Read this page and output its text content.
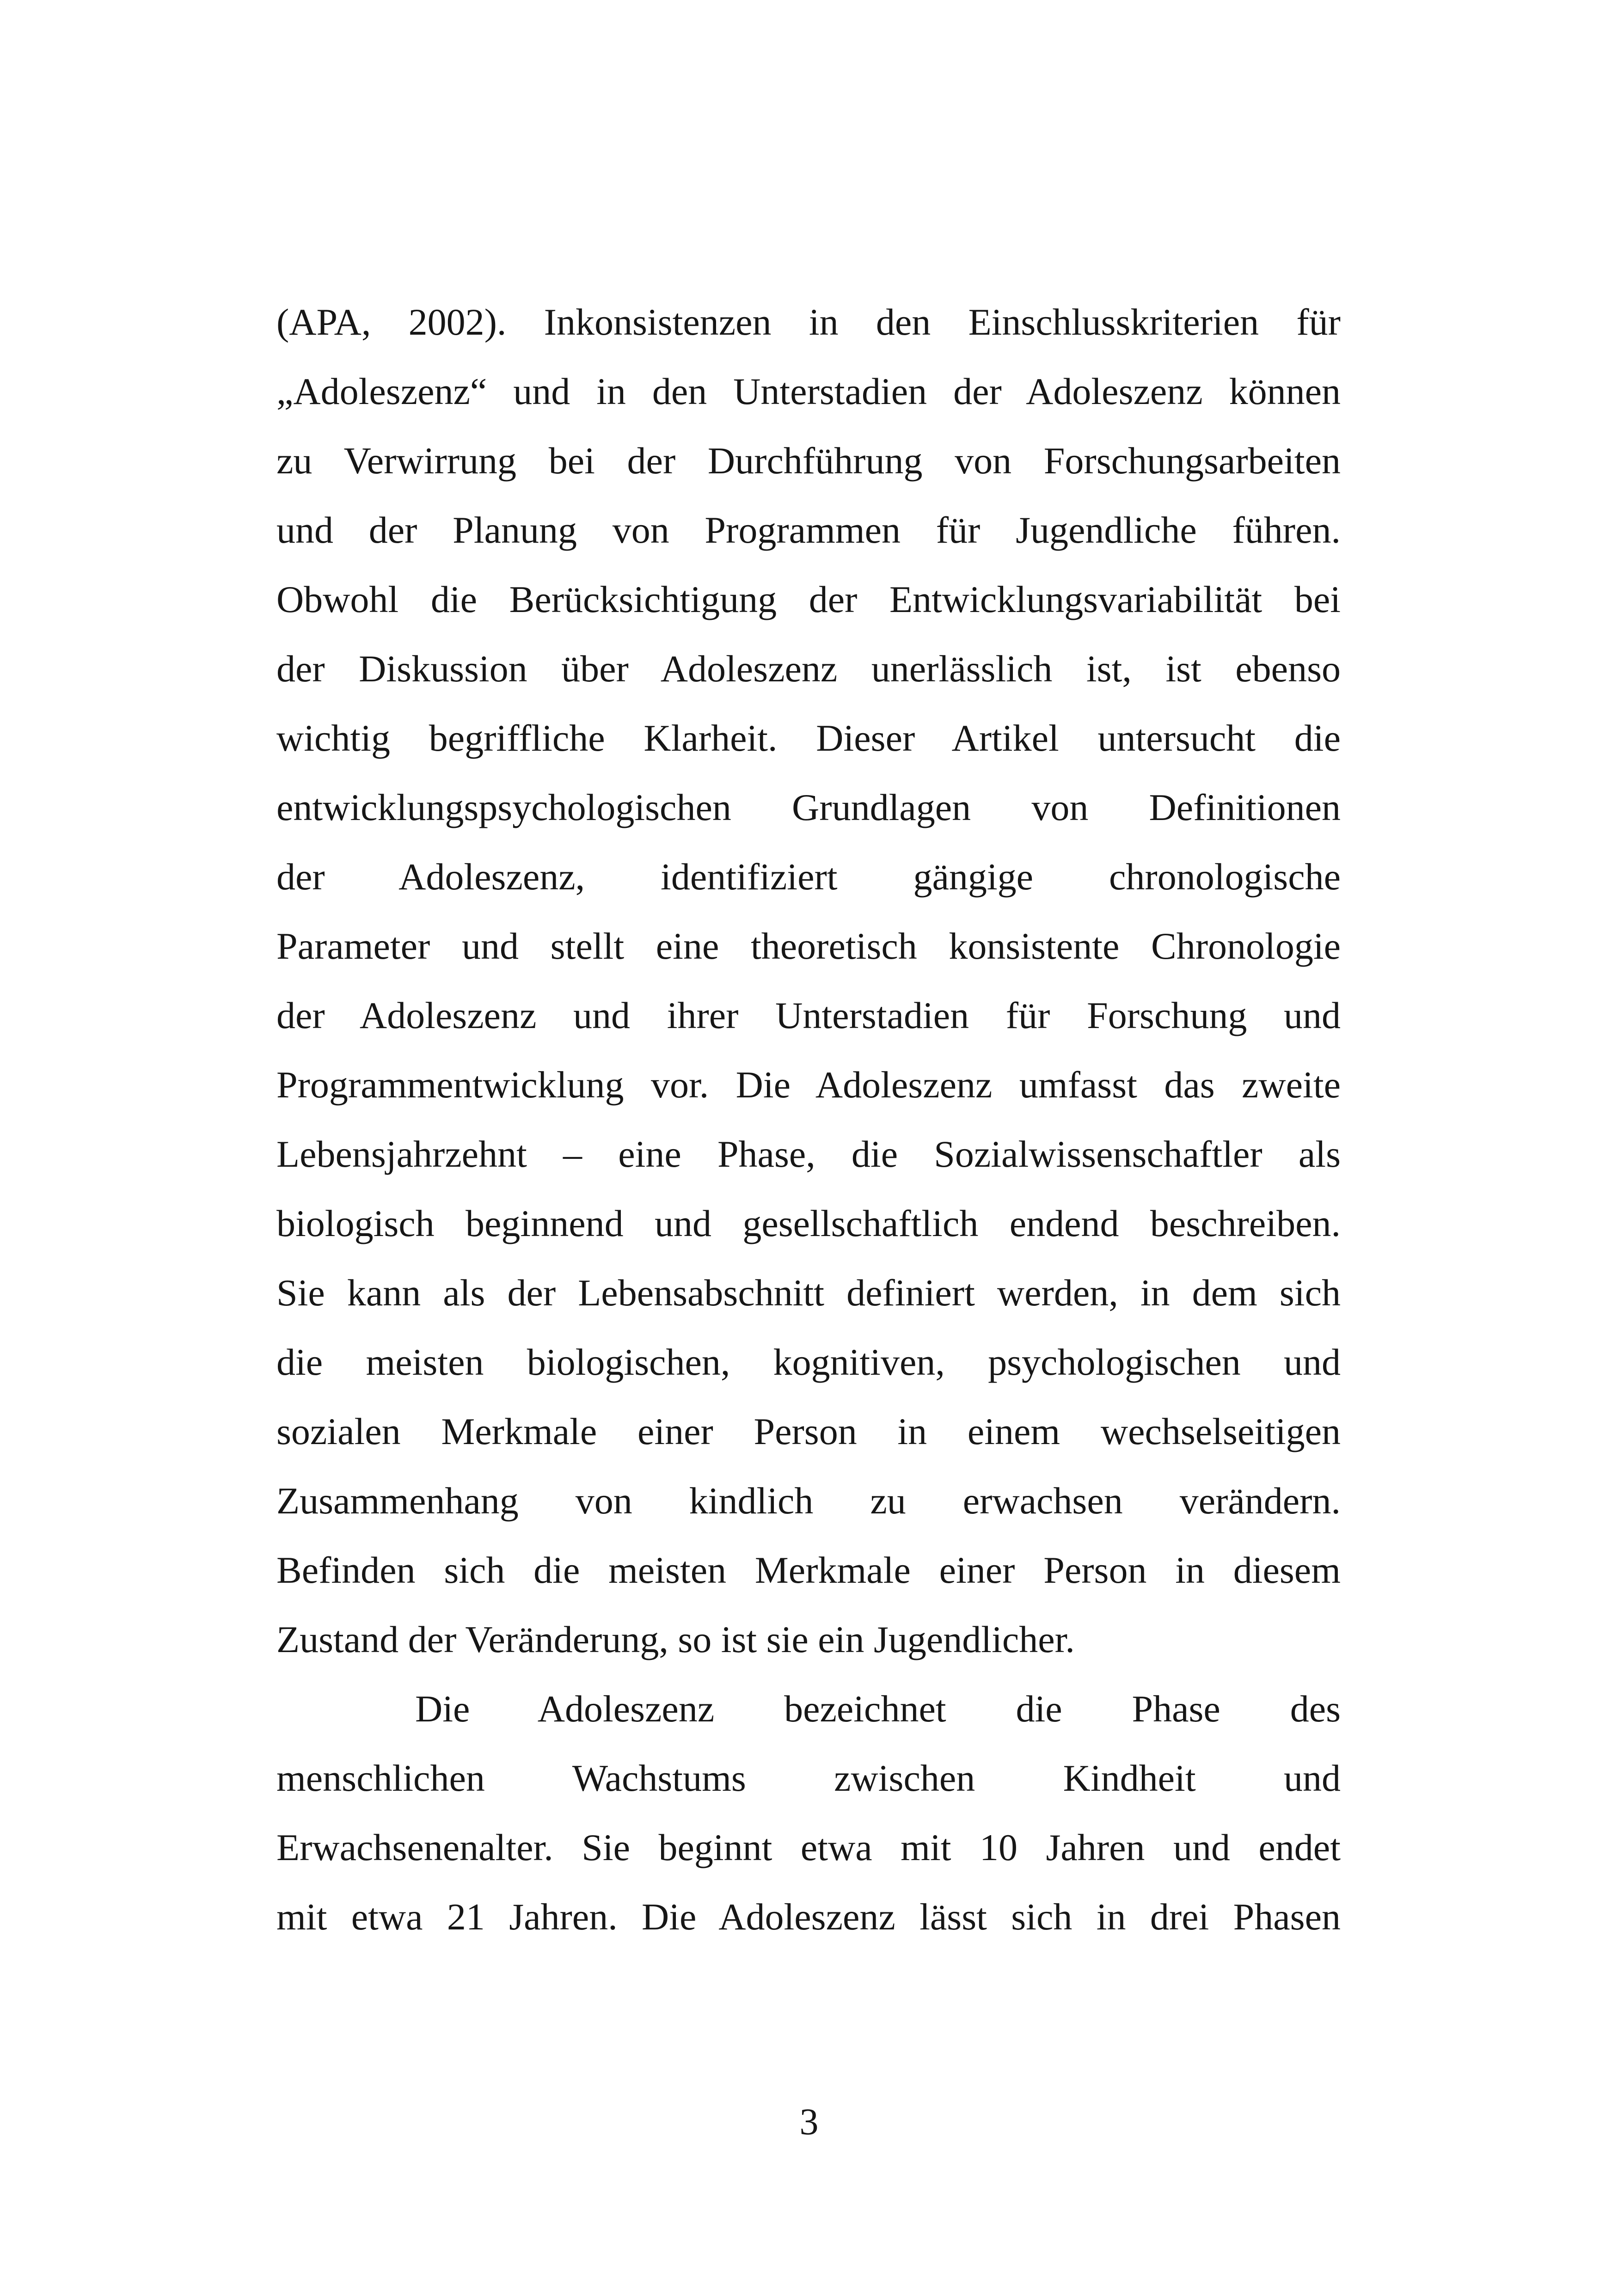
(APA, 2002). Inkonsistenzen in den Einschlusskriterien für
„Adoleszenz“ und in den Unterstadien der Adoleszenz können
zu Verwirrung bei der Durchführung von Forschungsarbeiten
und der Planung von Programmen für Jugendliche führen.
Obwohl die Berücksichtigung der Entwicklungsvariabilität bei
der Diskussion über Adoleszenz unerlässlich ist, ist ebenso
wichtig begriffliche Klarheit. Dieser Artikel untersucht die
entwicklungspsychologischen Grundlagen von Definitionen
der Adoleszenz, identifiziert gängige chronologische
Parameter und stellt eine theoretisch konsistente Chronologie
der Adoleszenz und ihrer Unterstadien für Forschung und
Programmentwicklung vor. Die Adoleszenz umfasst das zweite
Lebensjahrzehnt – eine Phase, die Sozialwissenschaftler als
biologisch beginnend und gesellschaftlich endend beschreiben.
Sie kann als der Lebensabschnitt definiert werden, in dem sich
die meisten biologischen, kognitiven, psychologischen und
sozialen Merkmale einer Person in einem wechselseitigen
Zusammenhang von kindlich zu erwachsen verändern.
Befinden sich die meisten Merkmale einer Person in diesem
Zustand der Veränderung, so ist sie ein Jugendlicher.
Die Adoleszenz bezeichnet die Phase des
menschlichen Wachstums zwischen Kindheit und
Erwachsenenalter. Sie beginnt etwa mit 10 Jahren und endet
mit etwa 21 Jahren. Die Adoleszenz lässt sich in drei Phasen
3
